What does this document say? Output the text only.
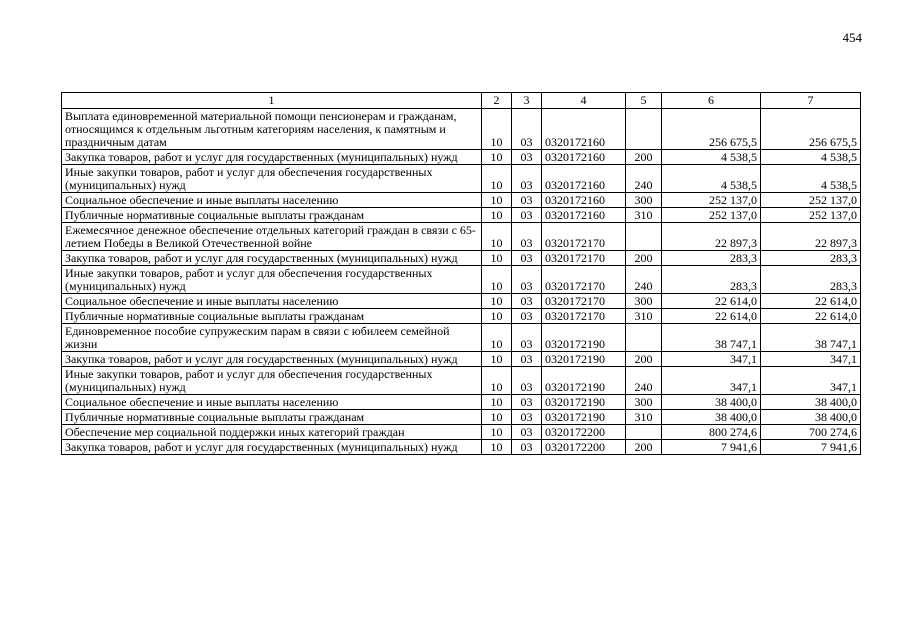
454
1	2	3	4	5	6	7
Выплата единовременной материальной помощи пенсионерам и гражданам, относящимся к отдельным льготным категориям населения, к памятным и праздничным датам	10	03	0320172160		256 675,5	256 675,5
Закупка товаров, работ и услуг для государственных (муниципальных) нужд	10	03	0320172160	200	4 538,5	4 538,5
Иные закупки товаров, работ и услуг для обеспечения государственных (муниципальных) нужд	10	03	0320172160	240	4 538,5	4 538,5
Социальное обеспечение и иные выплаты населению	10	03	0320172160	300	252 137,0	252 137,0
Публичные нормативные социальные выплаты гражданам	10	03	0320172160	310	252 137,0	252 137,0
Ежемесячное денежное обеспечение отдельных категорий граждан в связи с 65-летием Победы в Великой Отечественной войне	10	03	0320172170		22 897,3	22 897,3
Закупка товаров, работ и услуг для государственных (муниципальных) нужд	10	03	0320172170	200	283,3	283,3
Иные закупки товаров, работ и услуг для обеспечения государственных (муниципальных) нужд	10	03	0320172170	240	283,3	283,3
Социальное обеспечение и иные выплаты населению	10	03	0320172170	300	22 614,0	22 614,0
Публичные нормативные социальные выплаты гражданам	10	03	0320172170	310	22 614,0	22 614,0
Единовременное пособие супружеским парам в связи с юбилеем семейной жизни	10	03	0320172190		38 747,1	38 747,1
Закупка товаров, работ и услуг для государственных (муниципальных) нужд	10	03	0320172190	200	347,1	347,1
Иные закупки товаров, работ и услуг для обеспечения государственных (муниципальных) нужд	10	03	0320172190	240	347,1	347,1
Социальное обеспечение и иные выплаты населению	10	03	0320172190	300	38 400,0	38 400,0
Публичные нормативные социальные выплаты гражданам	10	03	0320172190	310	38 400,0	38 400,0
Обеспечение мер социальной поддержки иных категорий граждан	10	03	0320172200		800 274,6	700 274,6
Закупка товаров, работ и услуг для государственных (муниципальных) нужд	10	03	0320172200	200	7 941,6	7 941,6
